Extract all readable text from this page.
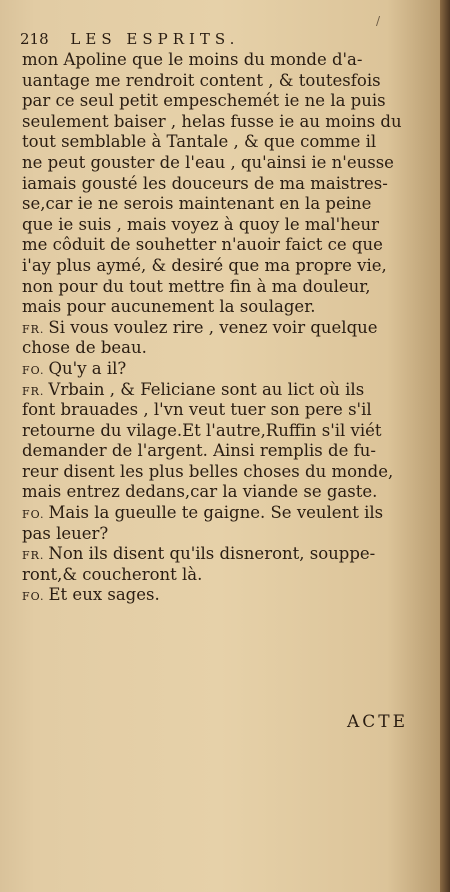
/
218 LES ESPRITS.
mon Apoline que le moins du monde d'a-
uantage me rendroit content , & toutesfois
par ce seul petit empeschemét ie ne la puis
seulement baiser , helas fusse ie au moins du
tout semblable à Tantale , & que comme il
ne peut gouster de l'eau , qu'ainsi ie n'eusse
iamais gousté les douceurs de ma maistres-
se,car ie ne serois maintenant en la peine
que ie suis , mais voyez à quoy le mal'heur
me côduit de souhetter n'auoir faict ce que
i'ay plus aymé, & desiré que ma propre vie,
non pour du tout mettre fin à ma douleur,
mais pour aucunement la soulager.
FR. Si vous voulez rire , venez voir quelque
chose de beau.
FO. Qu'y a il?
FR. Vrbain , & Feliciane sont au lict où ils
font brauades , l'vn veut tuer son pere s'il
retourne du vilage.Et l'autre,Ruffin s'il viét
demander de l'argent. Ainsi remplis de fu-
reur disent les plus belles choses du monde,
mais entrez dedans,car la viande se gaste.
FO. Mais la gueulle te gaigne. Se veulent ils
pas leuer?
FR. Non ils disent qu'ils disneront, souppe-
ront,& coucheront là.
FO. Et eux sages.
ACTE
